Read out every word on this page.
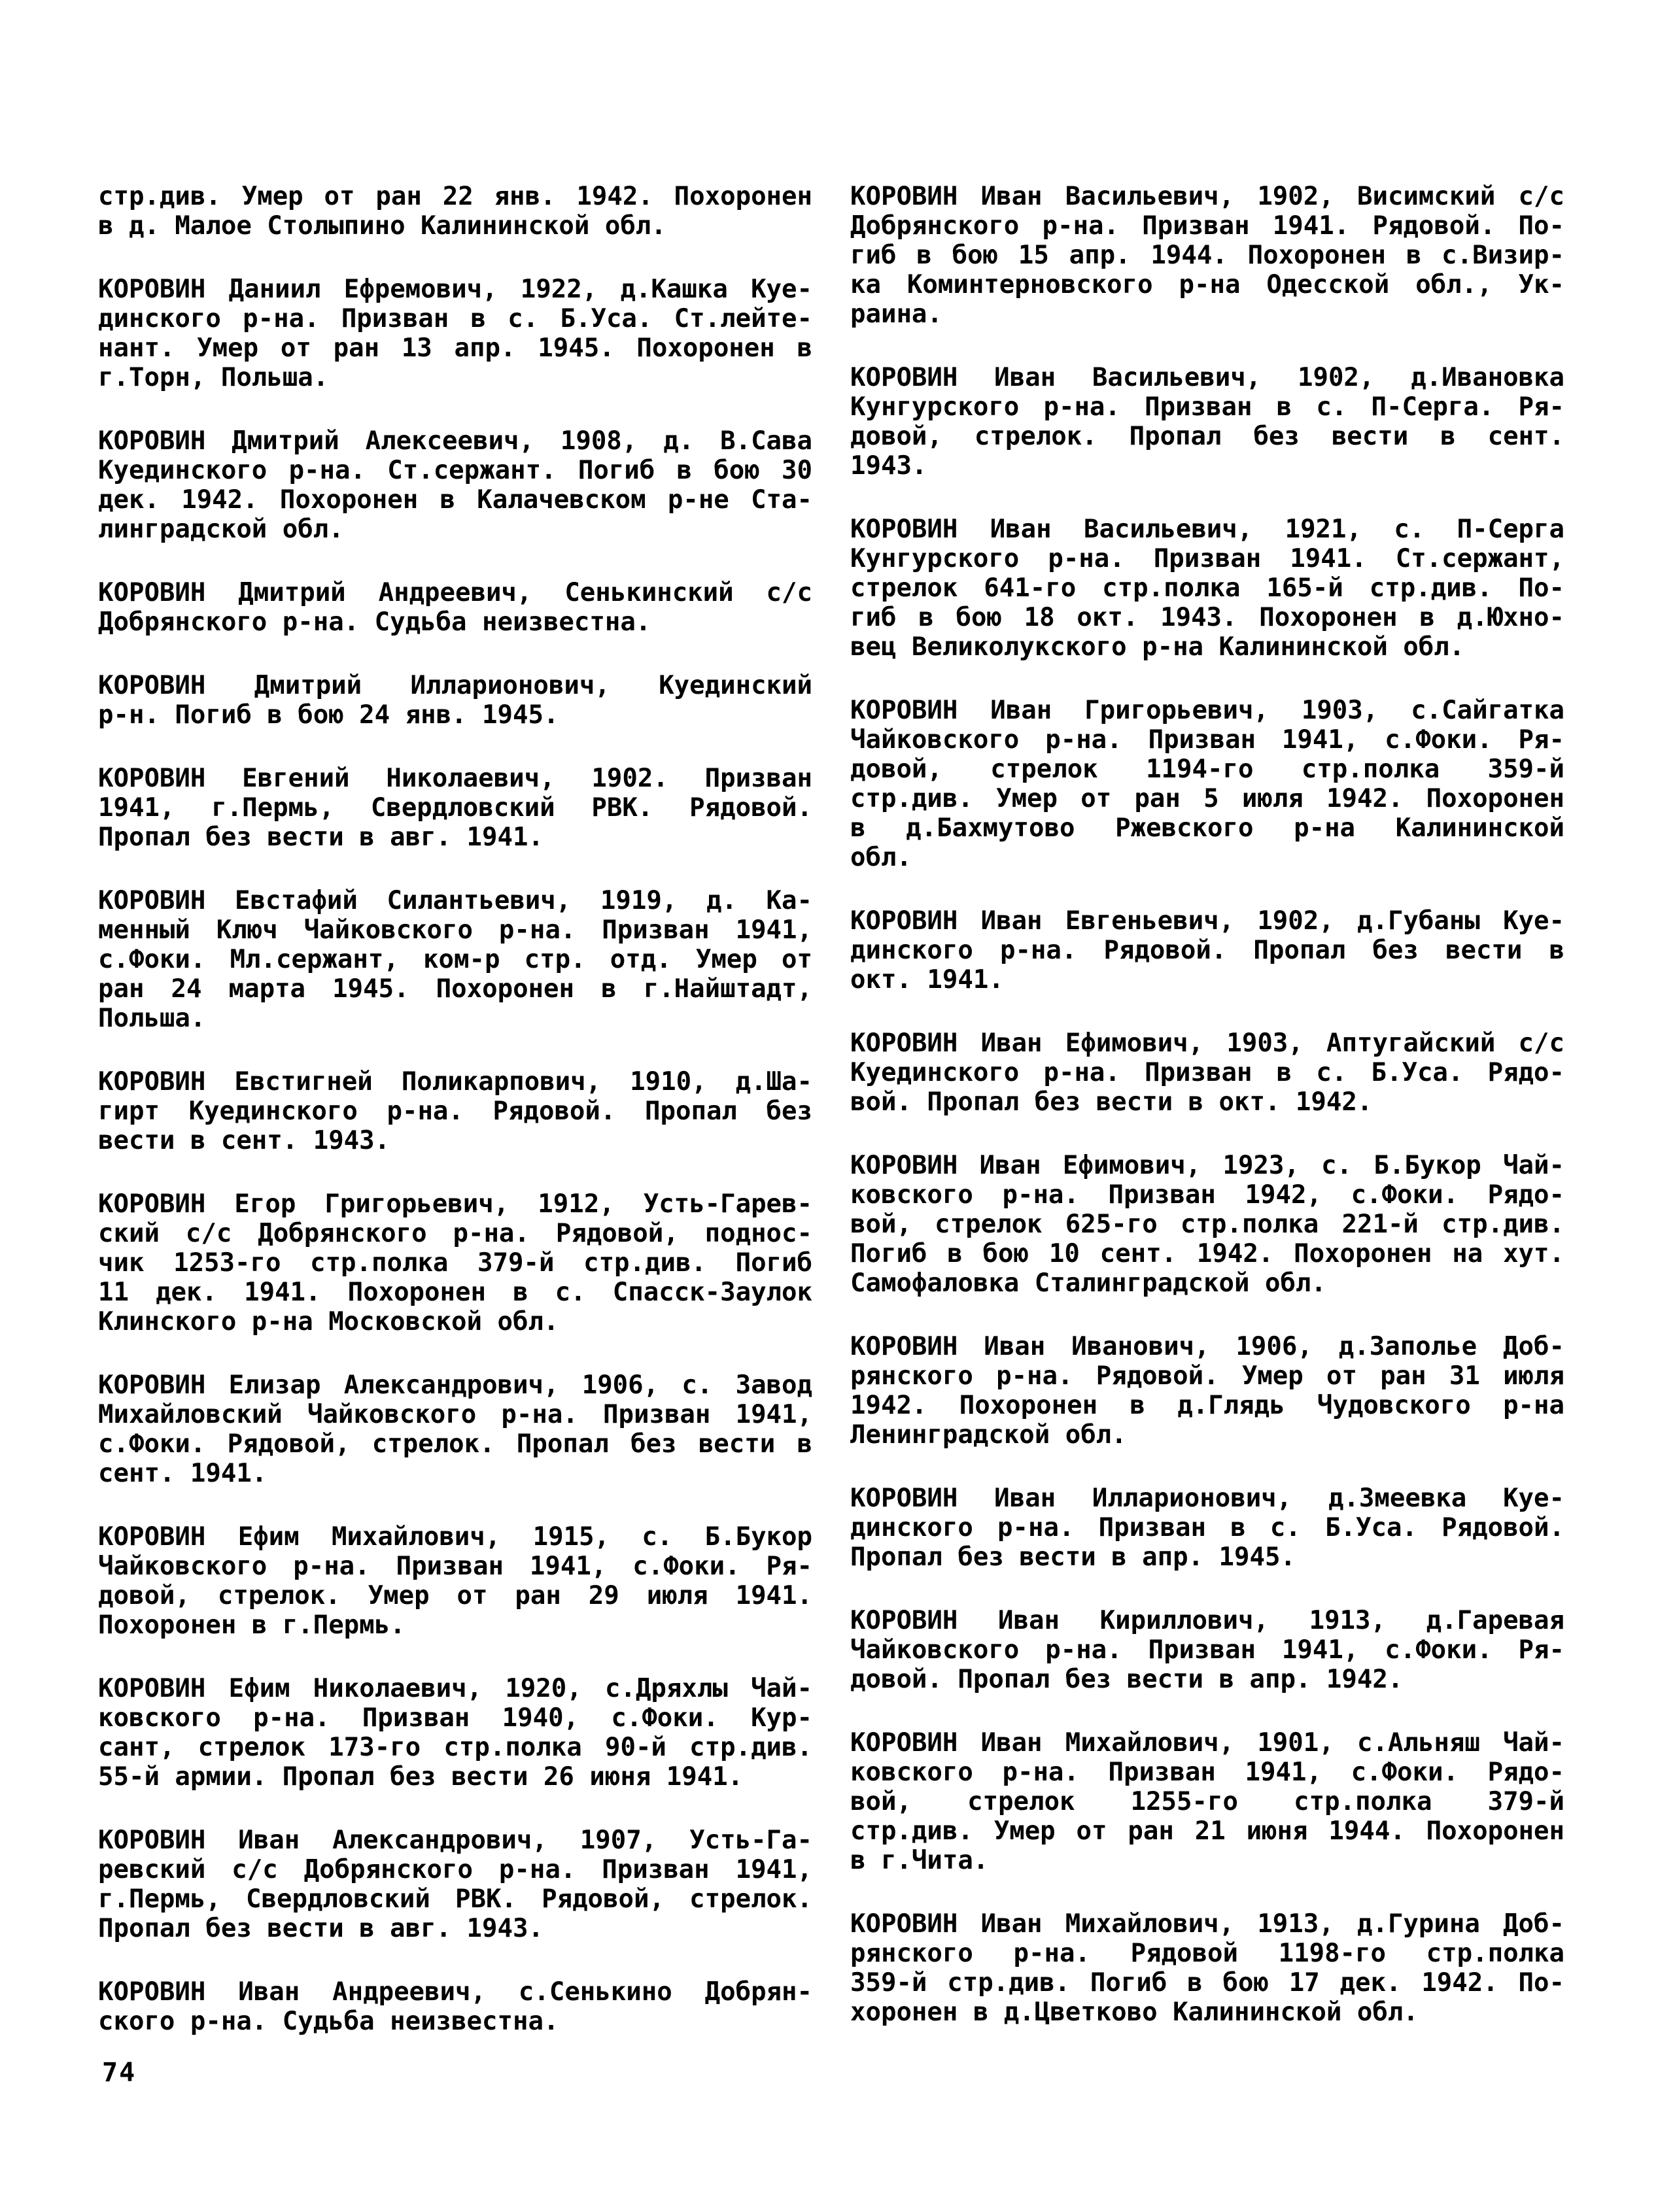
стр.див. Умер от ран 22 янв. 1942. Похоронен
в д. Малое Столыпино Калининской обл.
КОРОВИН Даниил Ефремович, 1922, д.Кашка Куе-
динского р-на. Призван в с. Б.Уса. Ст.лейте-
нант. Умер от ран 13 апр. 1945. Похоронен в
г.Торн, Польша.
КОРОВИН Дмитрий Алексеевич, 1908, д. В.Сава
Куединского р-на. Ст.сержант. Погиб в бою 30
дек. 1942. Похоронен в Калачевском р-не Ста-
линградской обл.
КОРОВИН Дмитрий Андреевич, Сенькинский с/с
Добрянского р-на. Судьба неизвестна.
КОРОВИН Дмитрий Илларионович, Куединский
р-н. Погиб в бою 24 янв. 1945.
КОРОВИН Евгений Николаевич, 1902. Призван
1941, г.Пермь, Свердловский РВК. Рядовой.
Пропал без вести в авг. 1941.
КОРОВИН Евстафий Силантьевич, 1919, д. Ка-
менный Ключ Чайковского р-на. Призван 1941,
с.Фоки. Мл.сержант, ком-р стр. отд. Умер от
ран 24 марта 1945. Похоронен в г.Найштадт,
Польша.
КОРОВИН Евстигней Поликарпович, 1910, д.Ша-
гирт Куединского р-на. Рядовой. Пропал без
вести в сент. 1943.
КОРОВИН Егор Григорьевич, 1912, Усть-Гарев-
ский с/с Добрянского р-на. Рядовой, поднос-
чик 1253-го стр.полка 379-й стр.див. Погиб
11 дек. 1941. Похоронен в с. Спасск-Заулок
Клинского р-на Московской обл.
КОРОВИН Елизар Александрович, 1906, с. Завод
Михайловский Чайковского р-на. Призван 1941,
с.Фоки. Рядовой, стрелок. Пропал без вести в
сент. 1941.
КОРОВИН Ефим Михайлович, 1915, с. Б.Букор
Чайковского р-на. Призван 1941, с.Фоки. Ря-
довой, стрелок. Умер от ран 29 июля 1941.
Похоронен в г.Пермь.
КОРОВИН Ефим Николаевич, 1920, с.Дряхлы Чай-
ковского р-на. Призван 1940, с.Фоки. Кур-
сант, стрелок 173-го стр.полка 90-й стр.див.
55-й армии. Пропал без вести 26 июня 1941.
КОРОВИН Иван Александрович, 1907, Усть-Га-
ревский с/с Добрянского р-на. Призван 1941,
г.Пермь, Свердловский РВК. Рядовой, стрелок.
Пропал без вести в авг. 1943.
КОРОВИН Иван Андреевич, с.Сенькино Добрян-
ского р-на. Судьба неизвестна.
КОРОВИН Иван Васильевич, 1902, Висимский с/с
Добрянского р-на. Призван 1941. Рядовой. По-
гиб в бою 15 апр. 1944. Похоронен в с.Визир-
ка Коминтерновского р-на Одесской обл., Ук-
раина.
КОРОВИН Иван Васильевич, 1902, д.Ивановка
Кунгурского р-на. Призван в с. П-Серга. Ря-
довой, стрелок. Пропал без вести в сент.
1943.
КОРОВИН Иван Васильевич, 1921, с. П-Серга
Кунгурского р-на. Призван 1941. Ст.сержант,
стрелок 641-го стр.полка 165-й стр.див. По-
гиб в бою 18 окт. 1943. Похоронен в д.Юхно-
вец Великолукского р-на Калининской обл.
КОРОВИН Иван Григорьевич, 1903, с.Сайгатка
Чайковского р-на. Призван 1941, с.Фоки. Ря-
довой, стрелок 1194-го стр.полка 359-й
стр.див. Умер от ран 5 июля 1942. Похоронен
в д.Бахмутово Ржевского р-на Калининской
обл.
КОРОВИН Иван Евгеньевич, 1902, д.Губаны Куе-
динского р-на. Рядовой. Пропал без вести в
окт. 1941.
КОРОВИН Иван Ефимович, 1903, Аптугайский с/с
Куединского р-на. Призван в с. Б.Уса. Рядо-
вой. Пропал без вести в окт. 1942.
КОРОВИН Иван Ефимович, 1923, с. Б.Букор Чай-
ковского р-на. Призван 1942, с.Фоки. Рядо-
вой, стрелок 625-го стр.полка 221-й стр.див.
Погиб в бою 10 сент. 1942. Похоронен на хут.
Самофаловка Сталинградской обл.
КОРОВИН Иван Иванович, 1906, д.Заполье Доб-
рянского р-на. Рядовой. Умер от ран 31 июля
1942. Похоронен в д.Глядь Чудовского р-на
Ленинградской обл.
КОРОВИН Иван Илларионович, д.Змеевка Куе-
динского р-на. Призван в с. Б.Уса. Рядовой.
Пропал без вести в апр. 1945.
КОРОВИН Иван Кириллович, 1913, д.Гаревая
Чайковского р-на. Призван 1941, с.Фоки. Ря-
довой. Пропал без вести в апр. 1942.
КОРОВИН Иван Михайлович, 1901, с.Альняш Чай-
ковского р-на. Призван 1941, с.Фоки. Рядо-
вой, стрелок 1255-го стр.полка 379-й
стр.див. Умер от ран 21 июня 1944. Похоронен
в г.Чита.
КОРОВИН Иван Михайлович, 1913, д.Гурина Доб-
рянского р-на. Рядовой 1198-го стр.полка
359-й стр.див. Погиб в бою 17 дек. 1942. По-
хоронен в д.Цветково Калининской обл.
74
